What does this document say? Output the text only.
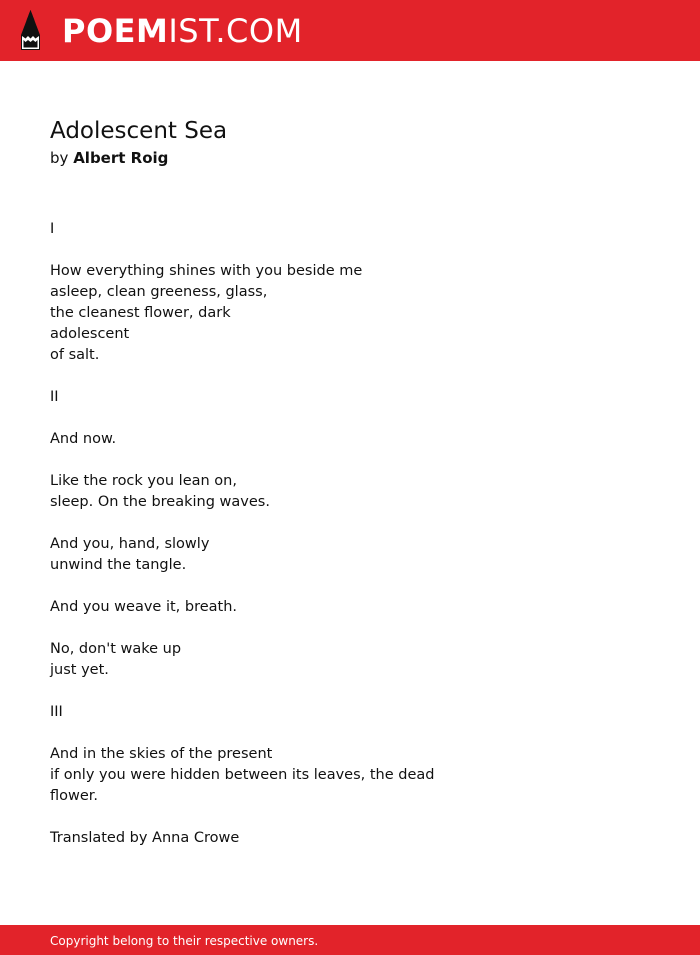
POEMIST.COM
Adolescent Sea
by Albert Roig
I
How everything shines with you beside me
asleep, clean greeness, glass,
the cleanest flower, dark
adolescent
of salt.
II
And now.
Like the rock you lean on,
sleep. On the breaking waves.
And you, hand, slowly
unwind the tangle.
And you weave it, breath.
No, don't wake up
just yet.
III
And in the skies of the present
if only you were hidden between its leaves, the dead
flower.
Translated by Anna Crowe
Copyright belong to their respective owners.
